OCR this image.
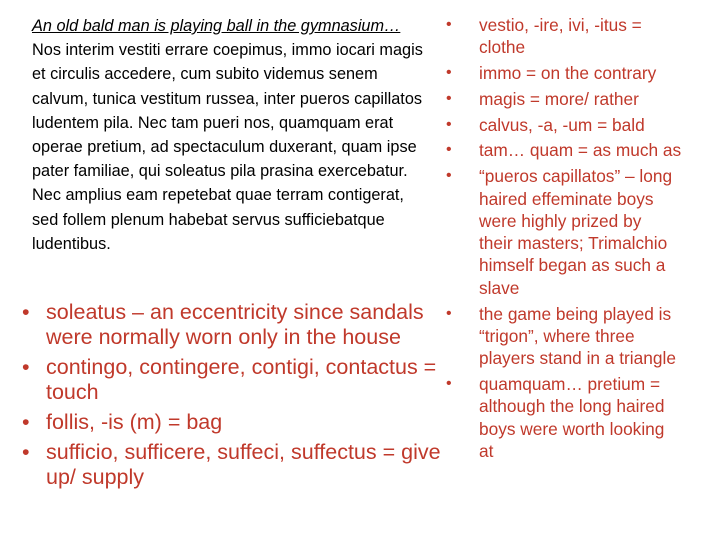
An old bald man is playing ball in the gymnasium…
Nos interim vestiti errare coepimus, immo iocari magis
et circulis accedere, cum subito videmus senem
calvum, tunica vestitum russea, inter pueros capillatos
ludentem pila. Nec tam pueri nos, quamquam erat
operae pretium, ad spectaculum duxerant, quam ipse
pater familiae, qui soleatus pila prasina exercebatur.
Nec amplius eam repetebat quae terram contigerat,
sed follem plenum habebat servus sufficiebatque
ludentibus.
• soleatus – an eccentricity since sandals were normally worn only in the house
• contingo, contingere, contigi, contactus = touch
• follis, -is (m) = bag
• sufficio, sufficere, suffeci, suffectus = give up/ supply
• vestio, -ire, ivi, -itus =
clothe
• immo = on the contrary
• magis = more/ rather
• calvus, -a, -um = bald
• tam… quam = as much as
• “pueros capillatos” – long
haired effeminate boys
were highly prized by
their masters; Trimalchio
himself began as such a
slave
• the game being played is
“trigon”, where three
players stand in a triangle
• quamquam… pretium =
although the long haired
boys were worth looking
at
